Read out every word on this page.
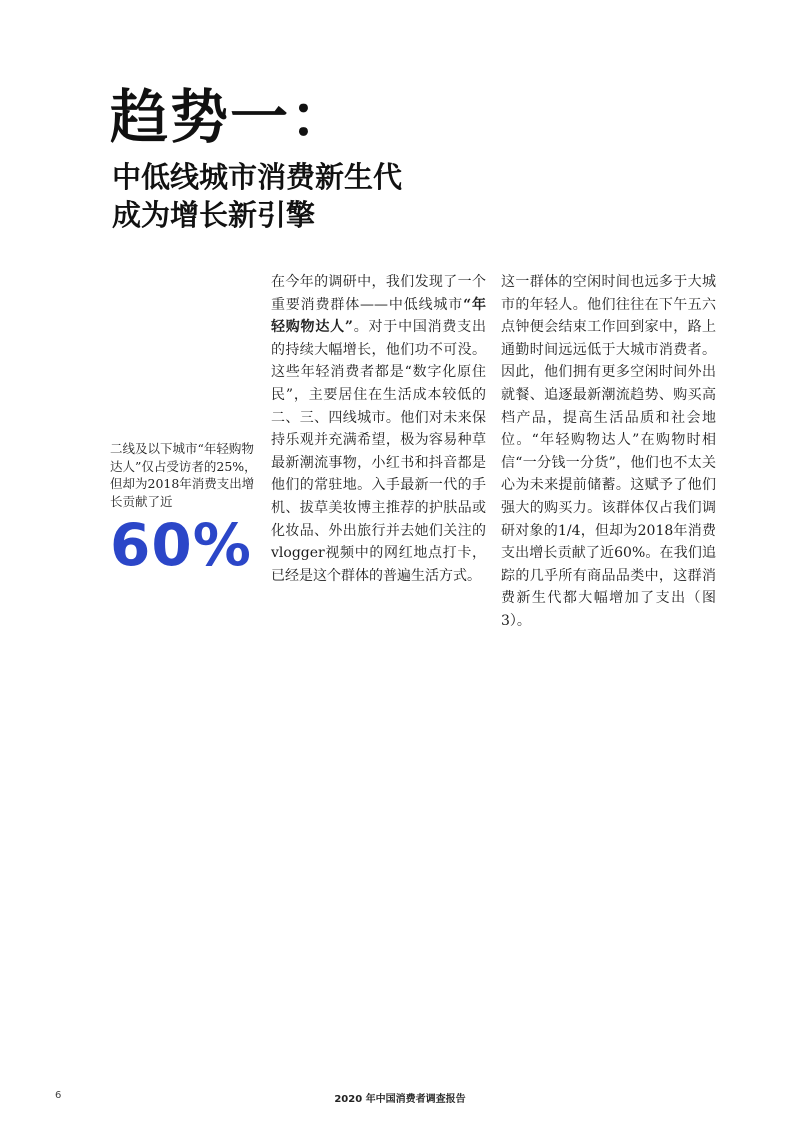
趋势一：
中低线城市消费新生代
成为增长新引擎

二线及以下城市“年轻购物达人”仅占受访者的25%，但却为2018年消费支出增长贡献了近

60%

在今年的调研中，我们发现了一个重要消费群体——中低线城市“年轻购物达人”。对于中国消费支出的持续大幅增长，他们功不可没。这些年轻消费者都是“数字化原住民”，主要居住在生活成本较低的二、三、四线城市。他们对未来保持乐观并充满希望，极为容易种草最新潮流事物，小红书和抖音都是他们的常驻地。入手最新一代的手机、拔草美妆博主推荐的护肤品或化妆品、外出旅行并去她们关注的vlogger视频中的网红地点打卡，已经是这个群体的普遍生活方式。

这一群体的空闲时间也远多于大城市的年轻人。他们往往在下午五六点钟便会结束工作回到家中，路上通勤时间远远低于大城市消费者。因此，他们拥有更多空闲时间外出就餐、追逐最新潮流趋势、购买高档产品，提高生活品质和社会地位。“年轻购物达人”在购物时相信“一分钱一分货”，他们也不太关心为未来提前储蓄。这赋予了他们强大的购买力。该群体仅占我们调研对象的1/4，但却为2018年消费支出增长贡献了近60%。在我们追踪的几乎所有商品品类中，这群消费新生代都大幅增加了支出（图3）。

6	2020 年中国消费者调查报告
